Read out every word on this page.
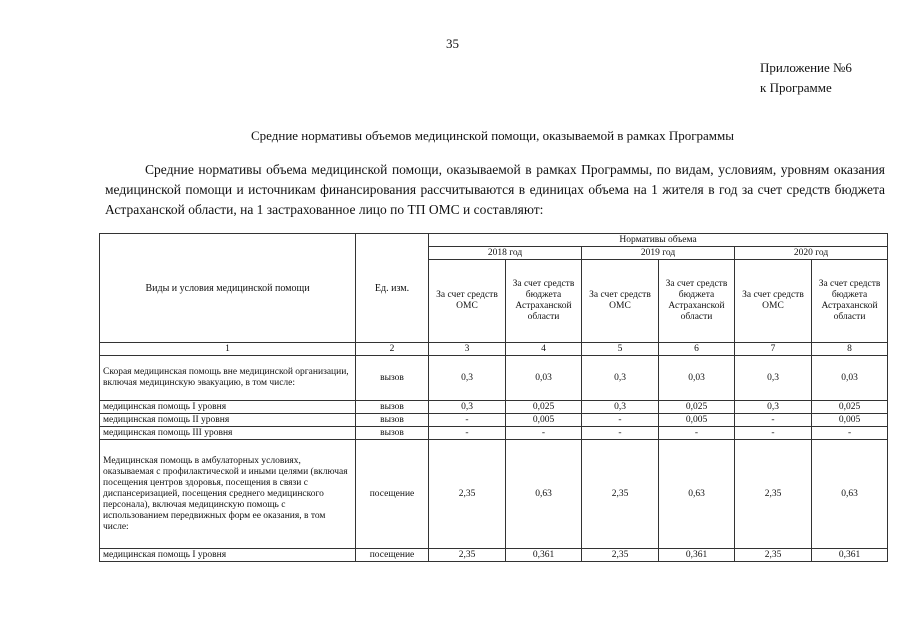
35
Приложение №6
к Программе
Средние нормативы объемов медицинской помощи, оказываемой в рамках Программы

Средние нормативы объема медицинской помощи, оказываемой в рамках Программы, по видам, условиям, уровням оказания медицинской помощи и источникам финансирования рассчитываются в единицах объема на 1 жителя в год за счет средств бюджета Астраханской области, на 1 застрахованное лицо по ТП ОМС и составляют:

Виды и условия медицинской помощи	Ед. изм.	Нормативы объема					
		2018 год		2019 год		2020 год	
		За счет средств ОМС	За счет средств бюджета Астраханской области	За счет средств ОМС	За счет средств бюджета Астраханской области	За счет средств ОМС	За счет средств бюджета Астраханской области
1	2	3	4	5	6	7	8
Скорая медицинская помощь вне медицинской организации, включая медицинскую эвакуацию, в том числе:	вызов	0,3	0,03	0,3	0,03	0,3	0,03
медицинская помощь I уровня	вызов	0,3	0,025	0,3	0,025	0,3	0,025
медицинская помощь II уровня	вызов	-	0,005	-	0,005	-	0,005
медицинская помощь III уровня	вызов	-	-	-	-	-	-
Медицинская помощь в амбулаторных условиях, оказываемая с профилактической и иными целями (включая посещения центров здоровья, посещения в связи с диспансеризацией, посещения среднего медицинского персонала), включая медицинскую помощь с использованием передвижных форм ее оказания, в том числе:	посещение	2,35	0,63	2,35	0,63	2,35	0,63
медицинская помощь I уровня	посещение	2,35	0,361	2,35	0,361	2,35	0,361
